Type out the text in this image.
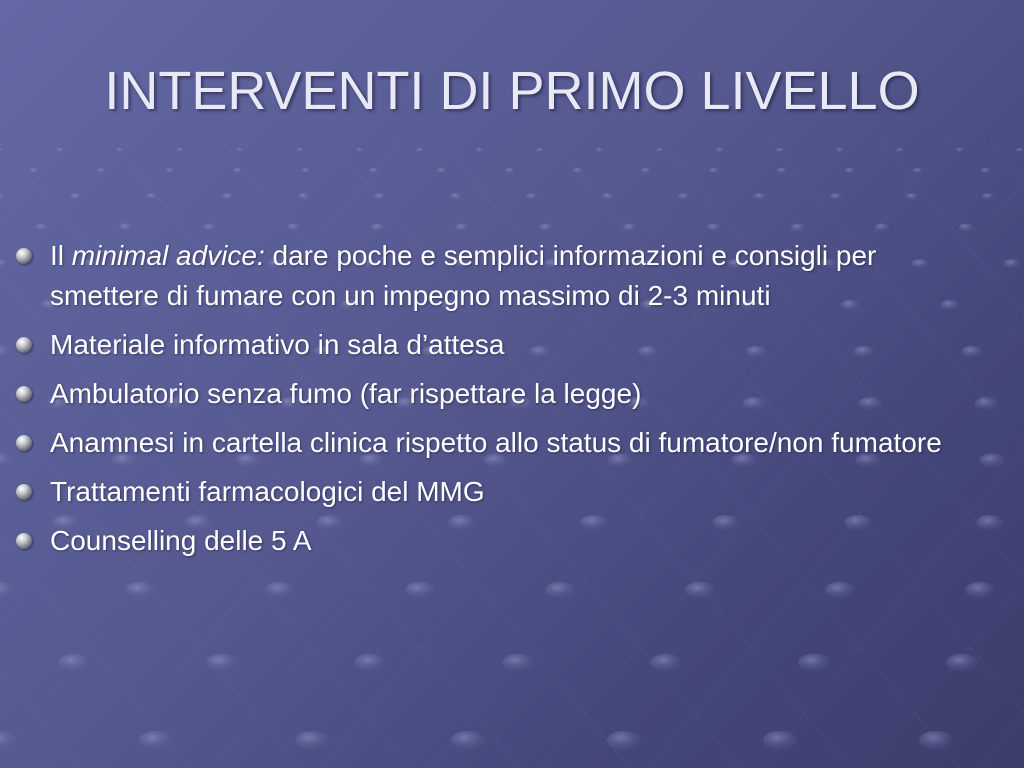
INTERVENTI DI PRIMO LIVELLO
Il minimal advice: dare poche e semplici informazioni e consigli per smettere di fumare con un impegno massimo di 2-3 minuti
Materiale informativo in sala d’attesa
Ambulatorio senza fumo (far rispettare la legge)
Anamnesi in cartella clinica rispetto allo status di fumatore/non fumatore
Trattamenti farmacologici del MMG
Counselling delle 5 A
